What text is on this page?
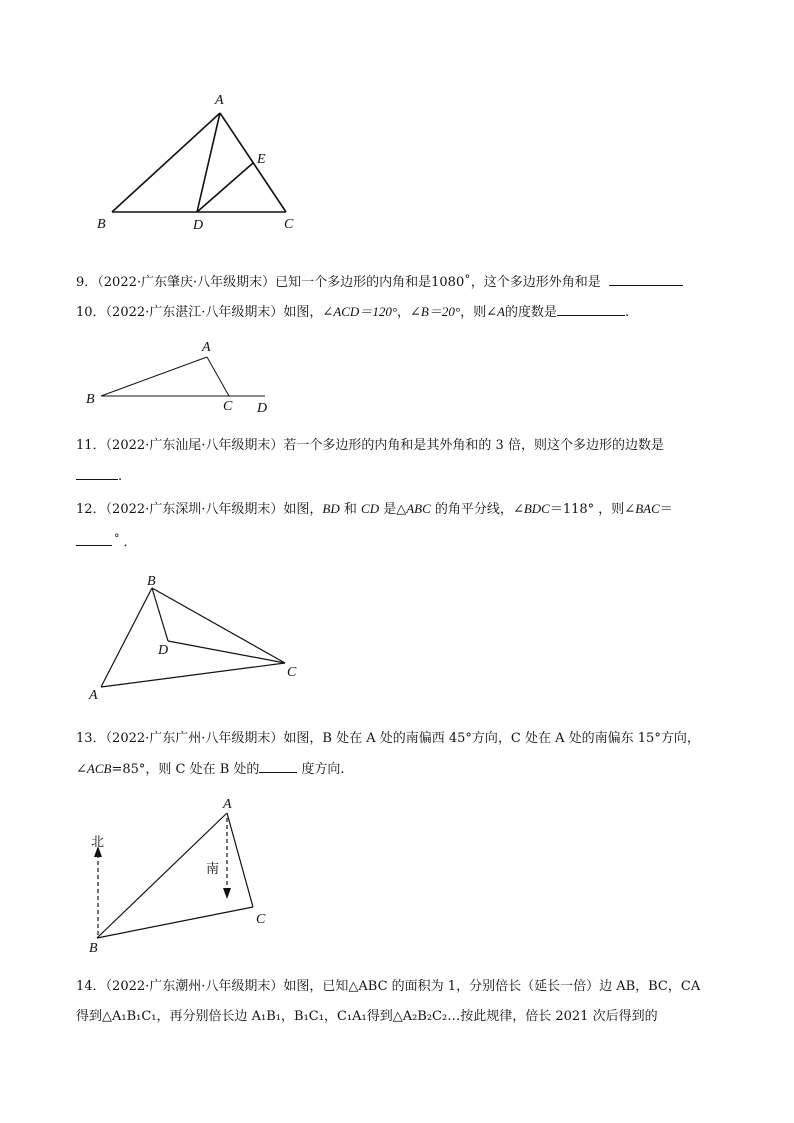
A
B	C
D
E
A
B	C D
A
B
C
D
北
南
A
B
C
9．（2022·广东肇庆·八年级期末）已知一个多边形的内角和是1080˚，这个多边形外角和是
10．（2022·广东湛江·八年级期末）如图，∠ACD＝120°，∠B＝20°，则∠A的度数是	.
11．（2022·广东汕尾·八年级期末）若一个多边形的内角和是其外角和的 3 倍，则这个多边形的边数是
.
12．（2022·广东深圳·八年级期末）如图，BD 和 CD 是△ABC 的角平分线，∠BDC＝118° ，则∠BAC＝
° ．
13．（2022·广东广州·八年级期末）如图，B 处在 A 处的南偏西 45°方向，C 处在 A 处的南偏东 15°方向，
∠ACB=85°，则 C 处在 B 处的	度方向.
14．（2022·广东潮州·八年级期末）如图，已知△ABC 的面积为 1，分别倍长（延长一倍）边 AB，BC，CA
得到△A₁B₁C₁，再分别倍长边 A₁B₁，B₁C₁，C₁A₁得到△A₂B₂C₂…按此规律，倍长 2021 次后得到的
